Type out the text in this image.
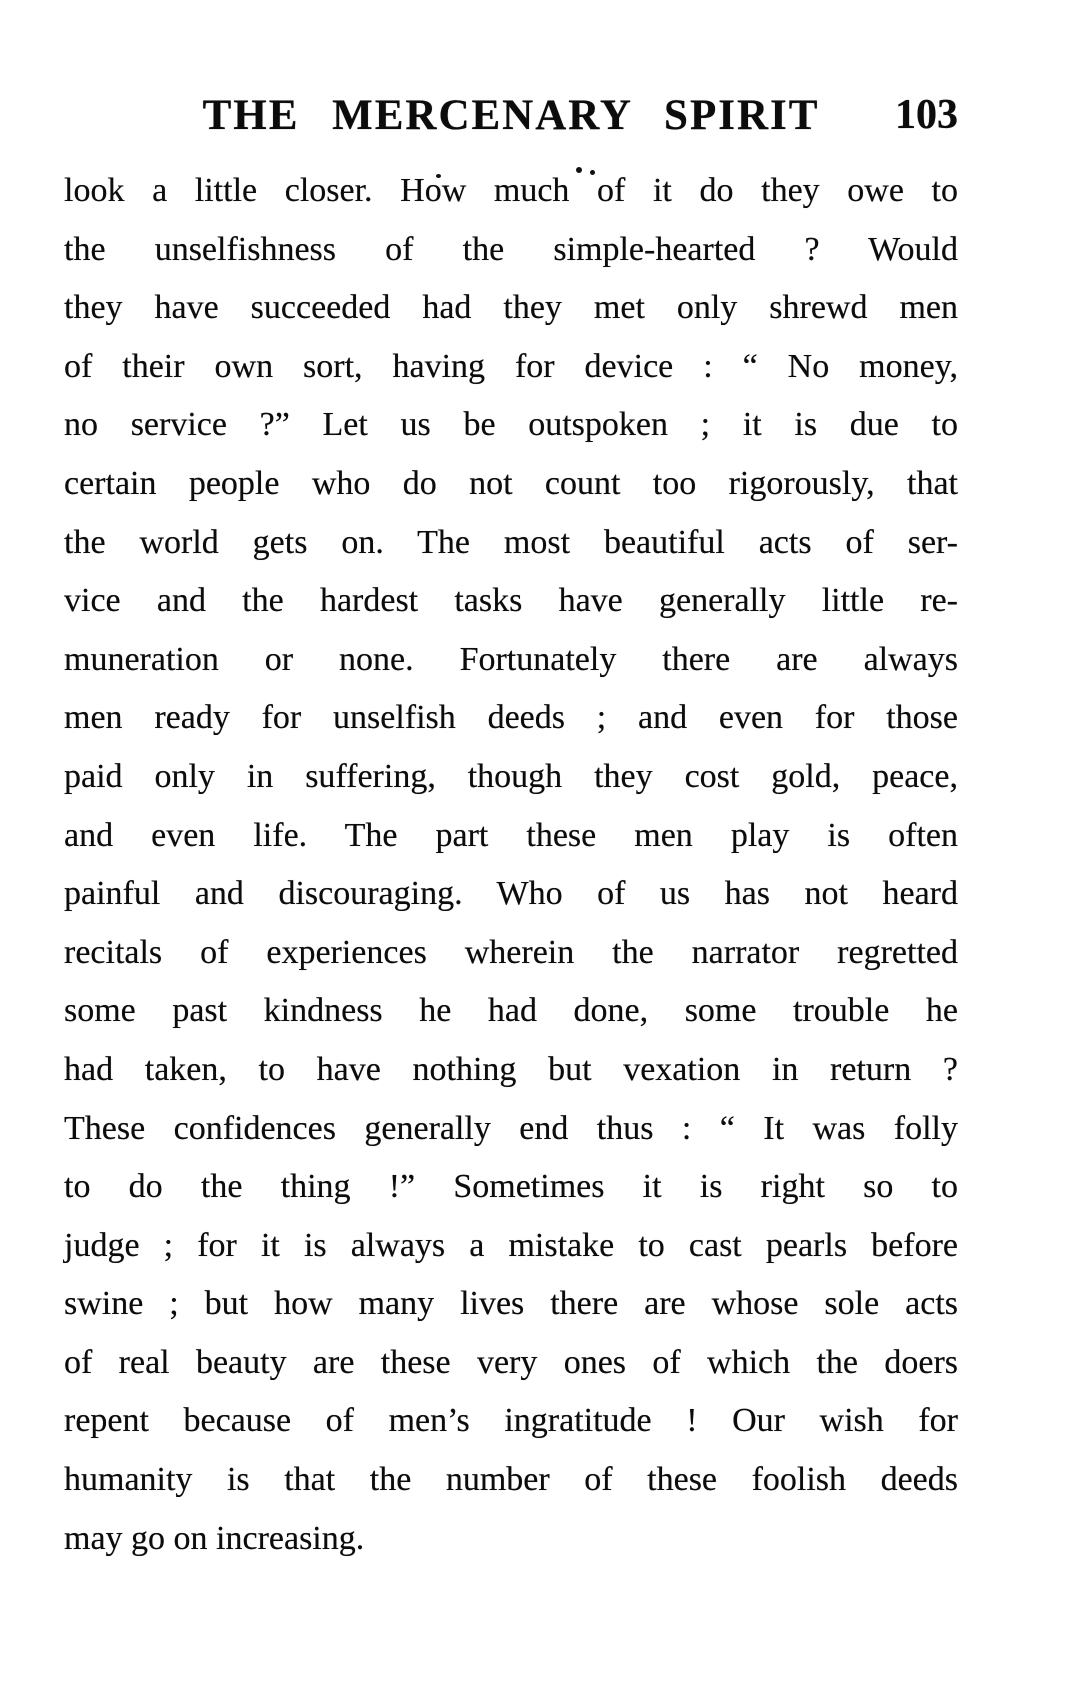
THE MERCENARY SPIRIT 103
look a little closer. How much of it do they owe to
the unselfishness of the simple-hearted ? Would
they have succeeded had they met only shrewd men
of their own sort, having for device : “ No money,
no service ?” Let us be outspoken ; it is due to
certain people who do not count too rigorously, that
the world gets on. The most beautiful acts of ser-
vice and the hardest tasks have generally little re-
muneration or none. Fortunately there are always
men ready for unselfish deeds ; and even for those
paid only in suffering, though they cost gold, peace,
and even life. The part these men play is often
painful and discouraging. Who of us has not heard
recitals of experiences wherein the narrator regretted
some past kindness he had done, some trouble he
had taken, to have nothing but vexation in return ?
These confidences generally end thus : “ It was folly
to do the thing !” Sometimes it is right so to
judge ; for it is always a mistake to cast pearls before
swine ; but how many lives there are whose sole acts
of real beauty are these very ones of which the doers
repent because of men’s ingratitude ! Our wish for
humanity is that the number of these foolish deeds
may go on increasing.
